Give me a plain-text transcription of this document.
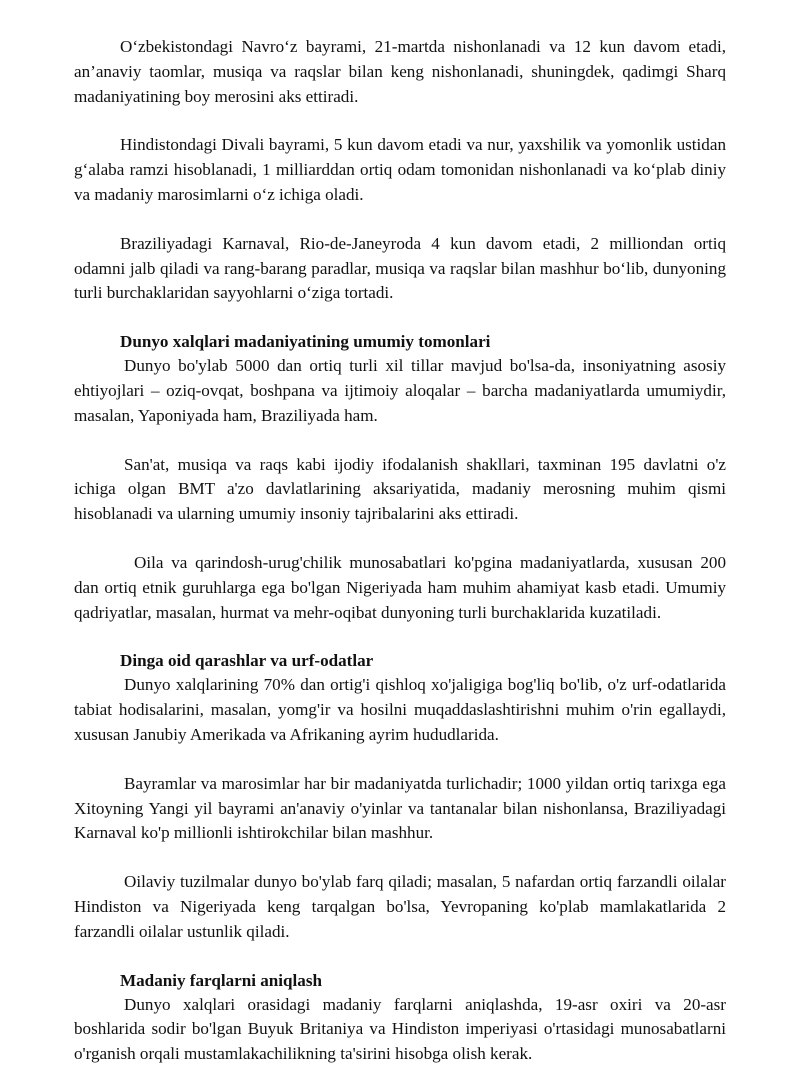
O‘zbekistondagi Navro‘z bayrami, 21-martda nishonlanadi va 12 kun davom etadi, an’anaviy taomlar, musiqa va raqslar bilan keng nishonlanadi, shuningdek, qadimgi Sharq madaniyatining boy merosini aks ettiradi.

Hindistondagi Divali bayrami, 5 kun davom etadi va nur, yaxshilik va yomonlik ustidan g‘alaba ramzi hisoblanadi, 1 milliarddan ortiq odam tomonidan nishonlanadi va ko‘plab diniy va madaniy marosimlarni o‘z ichiga oladi.

Braziliyadagi Karnaval, Rio-de-Janeyroda 4 kun davom etadi, 2 milliondan ortiq odamni jalb qiladi va rang-barang paradlar, musiqa va raqslar bilan mashhur bo‘lib, dunyoning turli burchaklaridan sayyohlarni o‘ziga tortadi.

Dunyo xalqlari madaniyatining umumiy tomonlari

Dunyo bo'ylab 5000 dan ortiq turli xil tillar mavjud bo'lsa-da, insoniyatning asosiy ehtiyojlari – oziq-ovqat, boshpana va ijtimoiy aloqalar – barcha madaniyatlarda umumiydir, masalan, Yaponiyada ham, Braziliyada ham.

San'at, musiqa va raqs kabi ijodiy ifodalanish shakllari, taxminan 195 davlatni o'z ichiga olgan BMT a'zo davlatlarining aksariyatida, madaniy merosning muhim qismi hisoblanadi va ularning umumiy insoniy tajribalarini aks ettiradi.

Oila va qarindosh-urug'chilik munosabatlari ko'pgina madaniyatlarda, xususan 200 dan ortiq etnik guruhlarga ega bo'lgan Nigeriyada ham muhim ahamiyat kasb etadi. Umumiy qadriyatlar, masalan, hurmat va mehr-oqibat dunyoning turli burchaklarida kuzatiladi.

Dinga oid qarashlar va urf-odatlar

Dunyo xalqlarining 70% dan ortig'i qishloq xo'jaligiga bog'liq bo'lib, o'z urf-odatlarida tabiat hodisalarini, masalan, yomg'ir va hosilni muqaddaslashtirishni muhim o'rin egallaydi, xususan Janubiy Amerikada va Afrikaning ayrim hududlarida.

Bayramlar va marosimlar har bir madaniyatda turlichadir; 1000 yildan ortiq tarixga ega Xitoyning Yangi yil bayrami an'anaviy o'yinlar va tantanalar bilan nishonlansa, Braziliyadagi Karnaval ko'p millionli ishtirokchilar bilan mashhur.

Oilaviy tuzilmalar dunyo bo'ylab farq qiladi; masalan, 5 nafardan ortiq farzandli oilalar Hindiston va Nigeriyada keng tarqalgan bo'lsa, Yevropaning ko'plab mamlakatlarida 2 farzandli oilalar ustunlik qiladi.

Madaniy farqlarni aniqlash

Dunyo xalqlari orasidagi madaniy farqlarni aniqlashda, 19-asr oxiri va 20-asr boshlarida sodir bo'lgan Buyuk Britaniya va Hindiston imperiyasi o'rtasidagi munosabatlarni o'rganish orqali mustamlakachilikning ta'sirini hisobga olish kerak.
